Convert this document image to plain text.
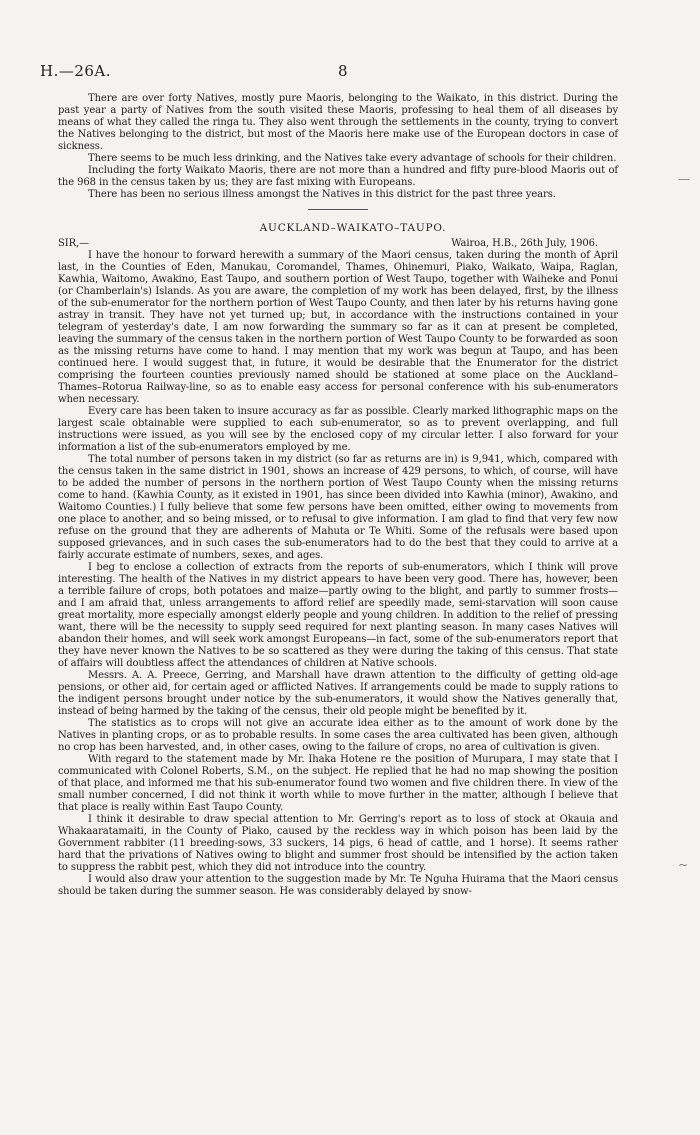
H.—26A.	8

There are over forty Natives, mostly pure Maoris, belonging to the Waikato, in this district. During the past year a party of Natives from the south visited these Maoris, professing to heal them of all diseases by means of what they called the ringa tu. They also went through the settlements in the county, trying to convert the Natives belonging to the district, but most of the Maoris here make use of the European doctors in case of sickness.

There seems to be much less drinking, and the Natives take every advantage of schools for their children.

Including the forty Waikato Maoris, there are not more than a hundred and fifty pure-blood Maoris out of the 968 in the census taken by us; they are fast mixing with Europeans.

There has been no serious illness amongst the Natives in this district for the past three years.

AUCKLAND–WAIKATO–TAUPO.

SIR,—	Wairoa, H.B., 26th July, 1906.

I have the honour to forward herewith a summary of the Maori census, taken during the month of April last, in the Counties of Eden, Manukau, Coromandel, Thames, Ohinemuri, Piako, Waikato, Waipa, Raglan, Kawhia, Waitomo, Awakino, East Taupo, and southern portion of West Taupo, together with Waiheke and Ponui (or Chamberlain's) Islands. As you are aware, the completion of my work has been delayed, first, by the illness of the sub-enumerator for the northern portion of West Taupo County, and then later by his returns having gone astray in transit. They have not yet turned up; but, in accordance with the instructions contained in your telegram of yesterday's date, I am now forwarding the summary so far as it can at present be completed, leaving the summary of the census taken in the northern portion of West Taupo County to be forwarded as soon as the missing returns have come to hand. I may mention that my work was begun at Taupo, and has been continued here. I would suggest that, in future, it would be desirable that the Enumerator for the district comprising the fourteen counties previously named should be stationed at some place on the Auckland–Thames–Rotorua Railway-line, so as to enable easy access for personal conference with his sub-enumerators when necessary.

Every care has been taken to insure accuracy as far as possible. Clearly marked lithographic maps on the largest scale obtainable were supplied to each sub-enumerator, so as to prevent overlapping, and full instructions were issued, as you will see by the enclosed copy of my circular letter. I also forward for your information a list of the sub-enumerators employed by me.

The total number of persons taken in my district (so far as returns are in) is 9,941, which, compared with the census taken in the same district in 1901, shows an increase of 429 persons, to which, of course, will have to be added the number of persons in the northern portion of West Taupo County when the missing returns come to hand. (Kawhia County, as it existed in 1901, has since been divided into Kawhia (minor), Awakino, and Waitomo Counties.) I fully believe that some few persons have been omitted, either owing to movements from one place to another, and so being missed, or to refusal to give information. I am glad to find that very few now refuse on the ground that they are adherents of Mahuta or Te Whiti. Some of the refusals were based upon supposed grievances, and in such cases the sub-enumerators had to do the best that they could to arrive at a fairly accurate estimate of numbers, sexes, and ages.

I beg to enclose a collection of extracts from the reports of sub-enumerators, which I think will prove interesting. The health of the Natives in my district appears to have been very good. There has, however, been a terrible failure of crops, both potatoes and maize—partly owing to the blight, and partly to summer frosts—and I am afraid that, unless arrangements to afford relief are speedily made, semi-starvation will soon cause great mortality, more especially amongst elderly people and young children. In addition to the relief of pressing want, there will be the necessity to supply seed required for next planting season. In many cases Natives will abandon their homes, and will seek work amongst Europeans—in fact, some of the sub-enumerators report that they have never known the Natives to be so scattered as they were during the taking of this census. That state of affairs will doubtless affect the attendances of children at Native schools.

Messrs. A. A. Preece, Gerring, and Marshall have drawn attention to the difficulty of getting old-age pensions, or other aid, for certain aged or afflicted Natives. If arrangements could be made to supply rations to the indigent persons brought under notice by the sub-enumerators, it would show the Natives generally that, instead of being harmed by the taking of the census, their old people might be benefited by it.

The statistics as to crops will not give an accurate idea either as to the amount of work done by the Natives in planting crops, or as to probable results. In some cases the area cultivated has been given, although no crop has been harvested, and, in other cases, owing to the failure of crops, no area of cultivation is given.

With regard to the statement made by Mr. Ihaka Hotene re the position of Murupara, I may state that I communicated with Colonel Roberts, S.M., on the subject. He replied that he had no map showing the position of that place, and informed me that his sub-enumerator found two women and five children there. In view of the small number concerned, I did not think it worth while to move further in the matter, although I believe that that place is really within East Taupo County.

I think it desirable to draw special attention to Mr. Gerring's report as to loss of stock at Okauia and Whakaaratamaiti, in the County of Piako, caused by the reckless way in which poison has been laid by the Government rabbiter (11 breeding-sows, 33 suckers, 14 pigs, 6 head of cattle, and 1 horse). It seems rather hard that the privations of Natives owing to blight and summer frost should be intensified by the action taken to suppress the rabbit pest, which they did not introduce into the country.

I would also draw your attention to the suggestion made by Mr. Te Nguha Huirama that the Maori census should be taken during the summer season. He was considerably delayed by snow-

—
~
